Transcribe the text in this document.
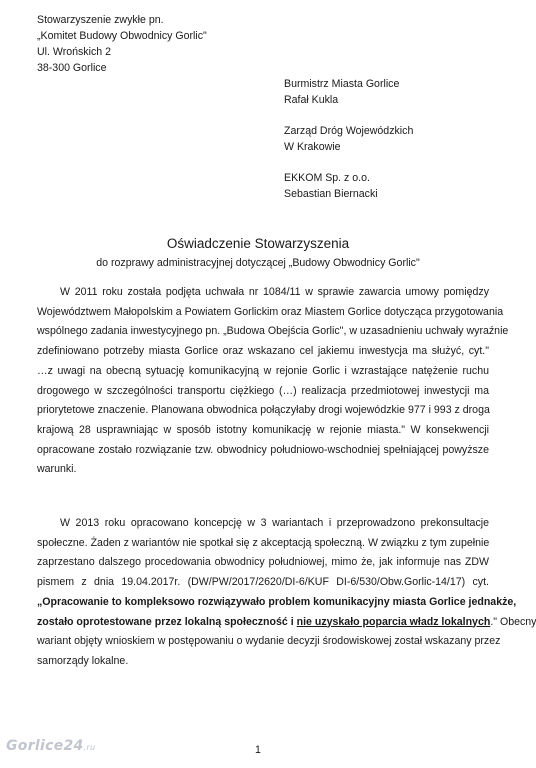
Stowarzyszenie zwykłe pn.
„Komitet Budowy Obwodnicy Gorlic"
Ul. Wrońskich 2
38-300 Gorlice
Burmistrz Miasta Gorlice
Rafał Kukla
Zarząd Dróg Wojewódzkich
W Krakowie
EKKOM Sp. z o.o.
Sebastian Biernacki
Oświadczenie Stowarzyszenia
do rozprawy administracyjnej dotyczącej „Budowy Obwodnicy Gorlic"
W 2011 roku została podjęta uchwała nr 1084/11 w sprawie zawarcia umowy pomiędzy
Województwem Małopolskim a Powiatem Gorlickim oraz Miastem Gorlice dotycząca przygotowania
wspólnego zadania inwestycyjnego pn. „Budowa Obejścia Gorlic", w uzasadnieniu uchwały wyraźnie
zdefiniowano potrzeby miasta Gorlice oraz wskazano cel jakiemu inwestycja ma służyć, cyt."
…z uwagi na obecną sytuację komunikacyjną w rejonie Gorlic i wzrastające natężenie ruchu
drogowego w szczególności transportu ciężkiego (…) realizacja przedmiotowej inwestycji ma
priorytetowe znaczenie. Planowana obwodnica połączyłaby drogi wojewódzkie 977 i 993 z droga
krajową 28 usprawniając w sposób istotny komunikację w rejonie miasta." W konsekwencji
opracowane zostało rozwiązanie tzw. obwodnicy południowo-wschodniej spełniającej powyższe
warunki.
W 2013 roku opracowano koncepcję w 3 wariantach i przeprowadzono prekonsultacje
społeczne. Żaden z wariantów nie spotkał się z akceptacją społeczną. W związku z tym zupełnie
zaprzestano dalszego procedowania obwodnicy południowej, mimo że, jak informuje nas ZDW
pismem z dnia 19.04.2017r. (DW/PW/2017/2620/DI-6/KUF DI-6/530/Obw.Gorlic-14/17) cyt.
„Opracowanie to kompleksowo rozwiązywało problem komunikacyjny miasta Gorlice jednakże,
zostało oprotestowane przez lokalną społeczność i nie uzyskało poparcia władz lokalnych." Obecny
wariant objęty wnioskiem w postępowaniu o wydanie decyzji środowiskowej został wskazany przez
samorządy lokalne.
1
Gorlice24.ru
